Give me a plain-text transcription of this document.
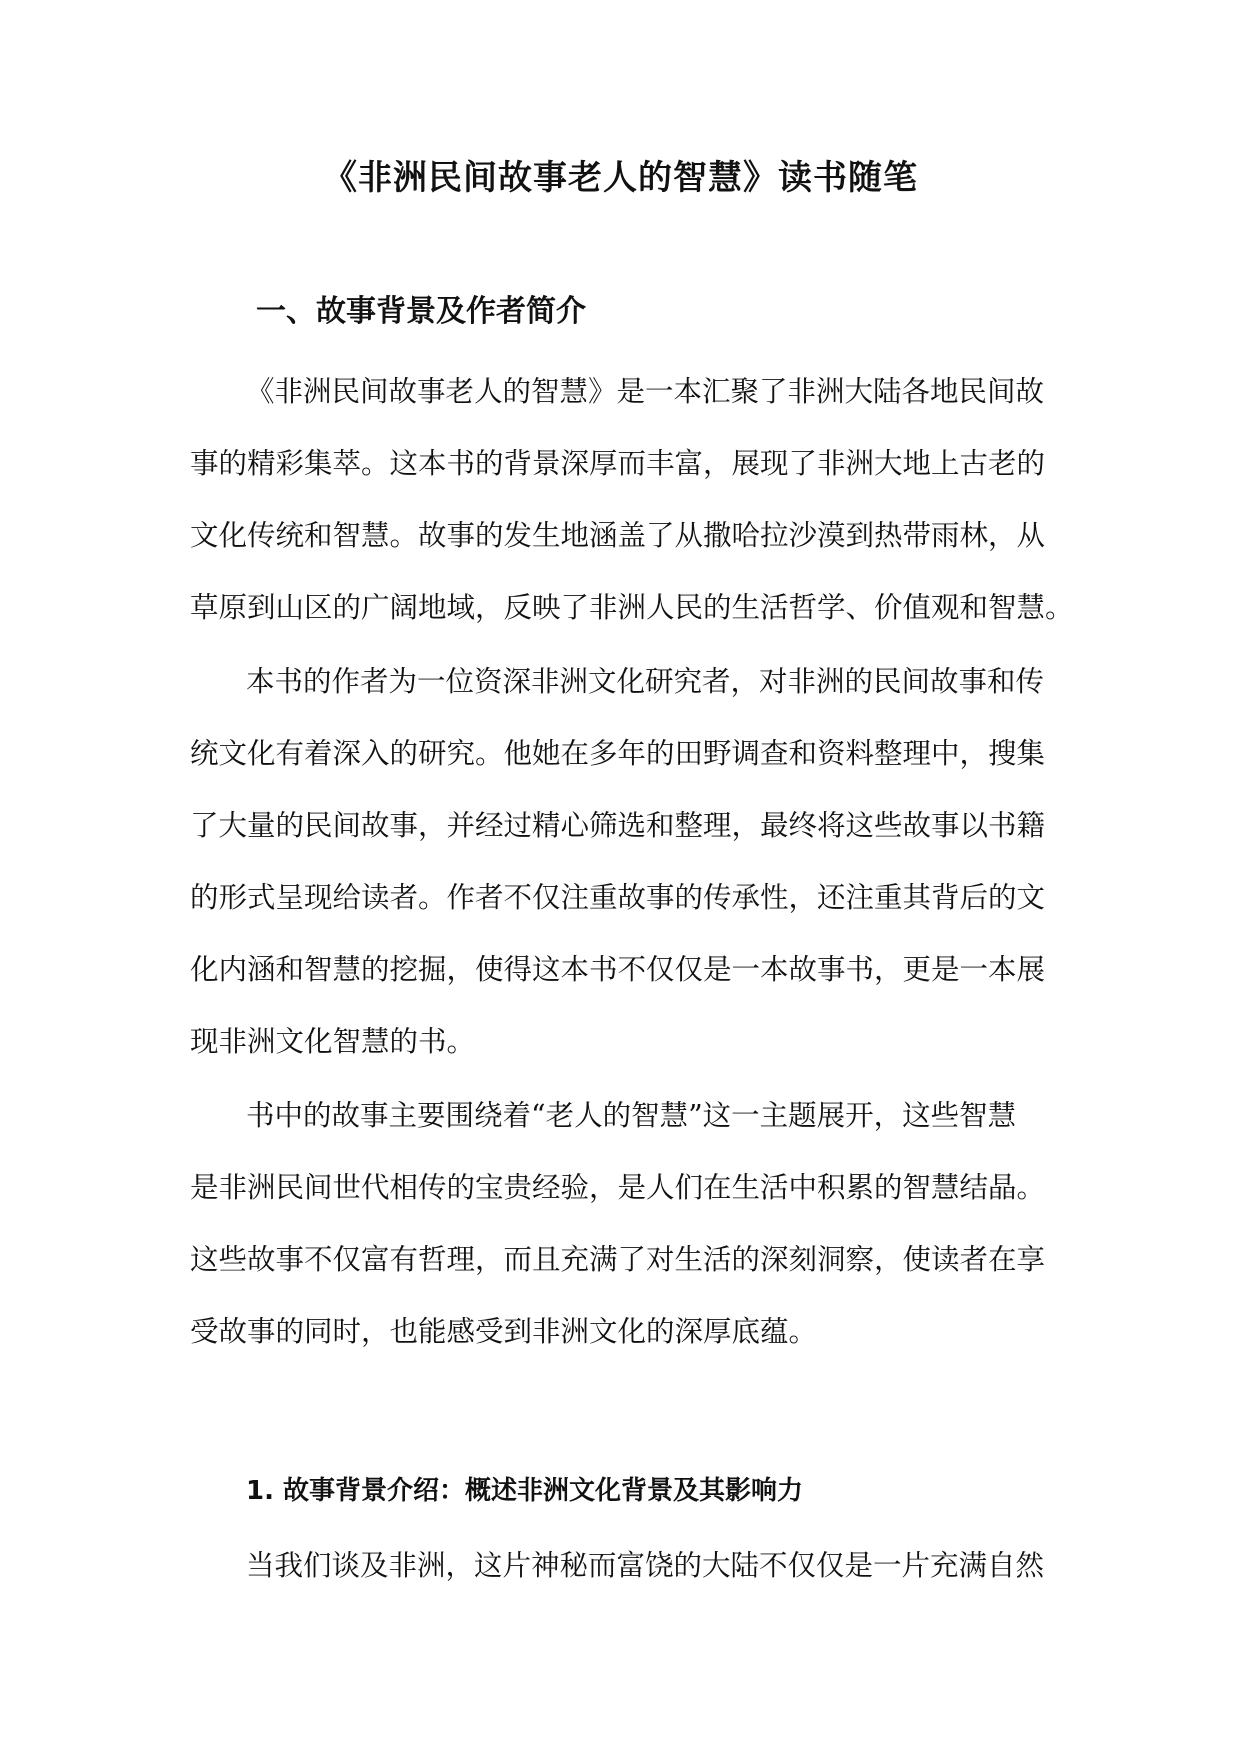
《非洲民间故事老人的智慧》读书随笔
一、故事背景及作者简介
《非洲民间故事老人的智慧》是一本汇聚了非洲大陆各地民间故
事的精彩集萃。这本书的背景深厚而丰富，展现了非洲大地上古老的
文化传统和智慧。故事的发生地涵盖了从撒哈拉沙漠到热带雨林，从
草原到山区的广阔地域，反映了非洲人民的生活哲学、价值观和智慧。
本书的作者为一位资深非洲文化研究者，对非洲的民间故事和传
统文化有着深入的研究。他她在多年的田野调查和资料整理中，搜集
了大量的民间故事，并经过精心筛选和整理，最终将这些故事以书籍
的形式呈现给读者。作者不仅注重故事的传承性，还注重其背后的文
化内涵和智慧的挖掘，使得这本书不仅仅是一本故事书，更是一本展
现非洲文化智慧的书。
书中的故事主要围绕着“老人的智慧”这一主题展开，这些智慧
是非洲民间世代相传的宝贵经验，是人们在生活中积累的智慧结晶。
这些故事不仅富有哲理，而且充满了对生活的深刻洞察，使读者在享
受故事的同时，也能感受到非洲文化的深厚底蕴。
1. 故事背景介绍：概述非洲文化背景及其影响力
当我们谈及非洲，这片神秘而富饶的大陆不仅仅是一片充满自然
